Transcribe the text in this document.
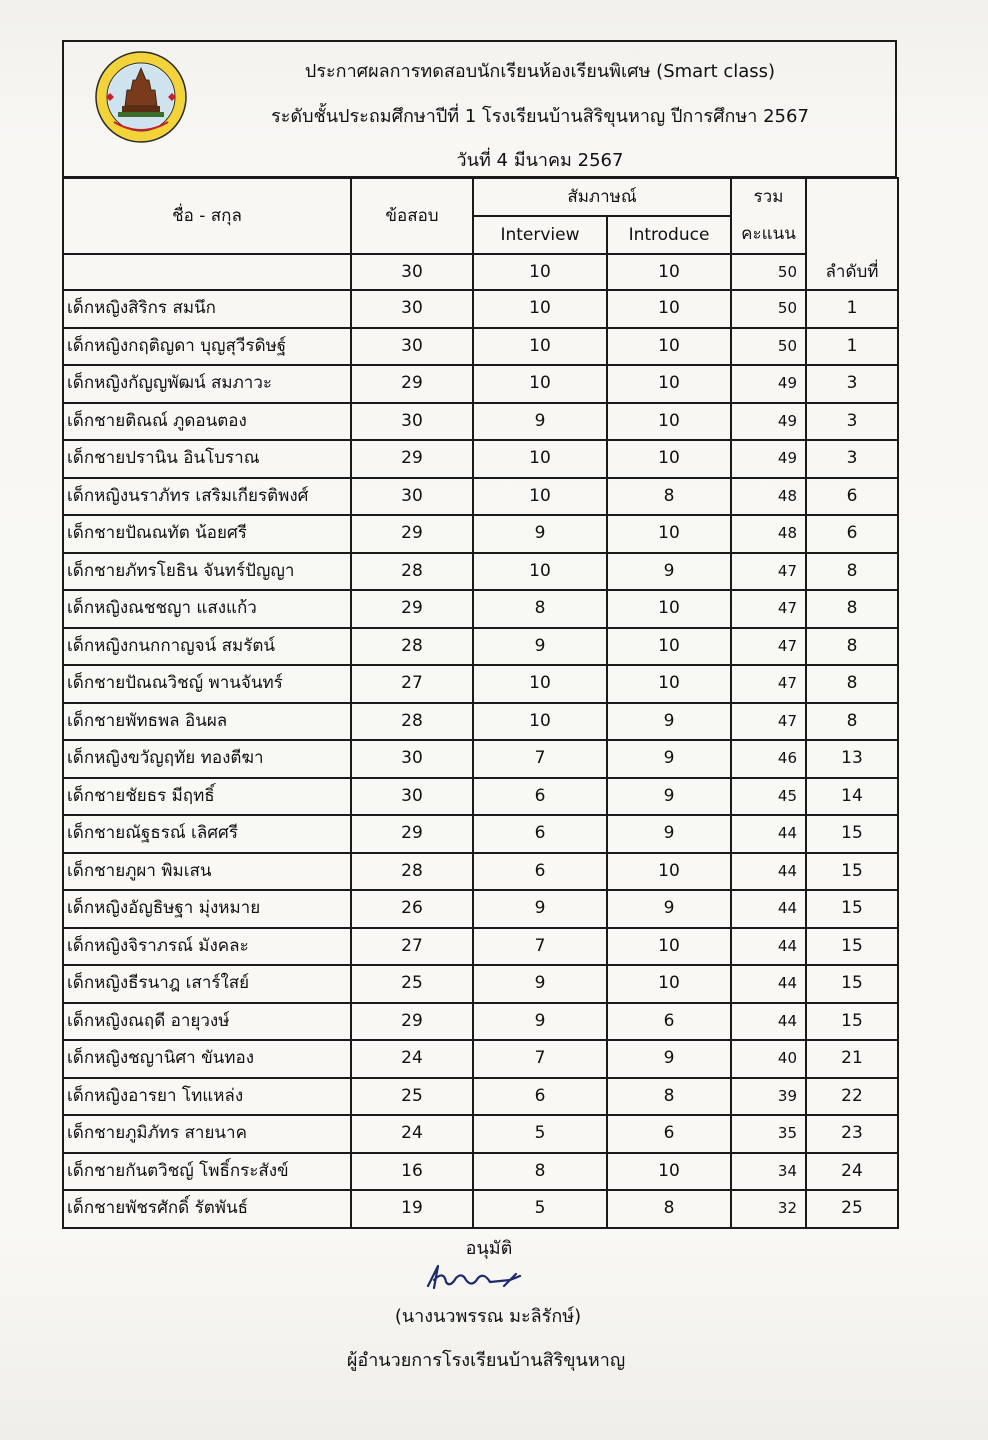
ประกาศผลการทดสอบนักเรียนห้องเรียนพิเศษ (Smart class)
ระดับชั้นประถมศึกษาปีที่ 1 โรงเรียนบ้านสิริขุนหาญ ปีการศึกษา 2567
วันที่ 4 มีนาคม 2567
ชื่อ - สกุล	ข้อสอบ	สัมภาษณ์		รวม	ลำดับที่
		Interview	Introduce	คะแนน	
	30	10	10	50	
เด็กหญิงสิริกร สมนึก	30	10	10	50	1
เด็กหญิงกฤติญดา บุญสุวีรดิษฐ์	30	10	10	50	1
เด็กหญิงกัญญพัฒน์ สมภาวะ	29	10	10	49	3
เด็กชายติณณ์ ภูดอนตอง	30	9	10	49	3
เด็กชายปรานิน อินโบราณ	29	10	10	49	3
เด็กหญิงนราภัทร เสริมเกียรติพงศ์	30	10	8	48	6
เด็กชายปัณณทัต น้อยศรี	29	9	10	48	6
เด็กชายภัทรโยธิน จันทร์ปัญญา	28	10	9	47	8
เด็กหญิงณชชญา แสงแก้ว	29	8	10	47	8
เด็กหญิงกนกกาญจน์ สมรัตน์	28	9	10	47	8
เด็กชายปัณณวิชญ์ พานจันทร์	27	10	10	47	8
เด็กชายพัทธพล อินผล	28	10	9	47	8
เด็กหญิงขวัญฤทัย ทองตีฆา	30	7	9	46	13
เด็กชายชัยธร มีฤทธิ์	30	6	9	45	14
เด็กชายณัฐธรณ์ เลิศศรี	29	6	9	44	15
เด็กชายภูผา พิมเสน	28	6	10	44	15
เด็กหญิงอัญธิษฐา มุ่งหมาย	26	9	9	44	15
เด็กหญิงจิราภรณ์ มังคละ	27	7	10	44	15
เด็กหญิงธีรนาฎ เสาร์ใสย์	25	9	10	44	15
เด็กหญิงณฤดี อายุวงษ์	29	9	6	44	15
เด็กหญิงชญานิศา ขันทอง	24	7	9	40	21
เด็กหญิงอารยา โทแหล่ง	25	6	8	39	22
เด็กชายภูมิภัทร สายนาค	24	5	6	35	23
เด็กชายกันตวิชญ์ โพธิ์กระสังข์	16	8	10	34	24
เด็กชายพัชรศักดิ์ รัตพันธ์	19	5	8	32	25
อนุมัติ
(นางนวพรรณ มะลิรักษ์)
ผู้อำนวยการโรงเรียนบ้านสิริขุนหาญ
